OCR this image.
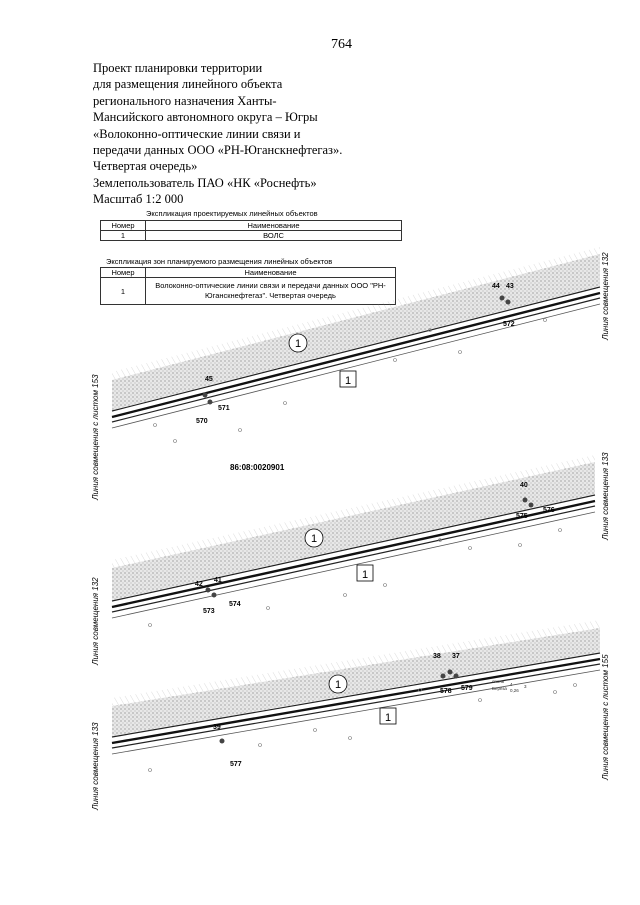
764
Проект планировки территории
для размещения линейного объекта
регионального назначения Ханты-
Мансийского автономного округа – Югры
«Волоконно-оптические линии связи и
передачи данных ООО «РН-Юганскнефтегаз».
Четвертая очередь»
Землепользователь ПАО «НК «Роснефть»
Масштаб 1:2 000
Экспликация проектируемых линейных объектов
Номер	Наименование
1	ВОЛС
Экспликация зон планируемого размещения линейных объектов
Номер	Наименование
1	Волоконно-оптические линии связи и передачи данных ООО "РН-Юганскнефтегаз". Четвертая очередь
1
1
44 43
572
45
571
570
86:08:0020901
1
1
40
575
576
42
41
573
574
1
1
38 37
578 579
39
577
спояв
Береза
4
0,26
3
Линия совмещения 132
Линия совмещения с листом 153	Линия совмещения 133
Линия совмещения 132
Линия совмещения 133	Линия совмещения с листом 155
